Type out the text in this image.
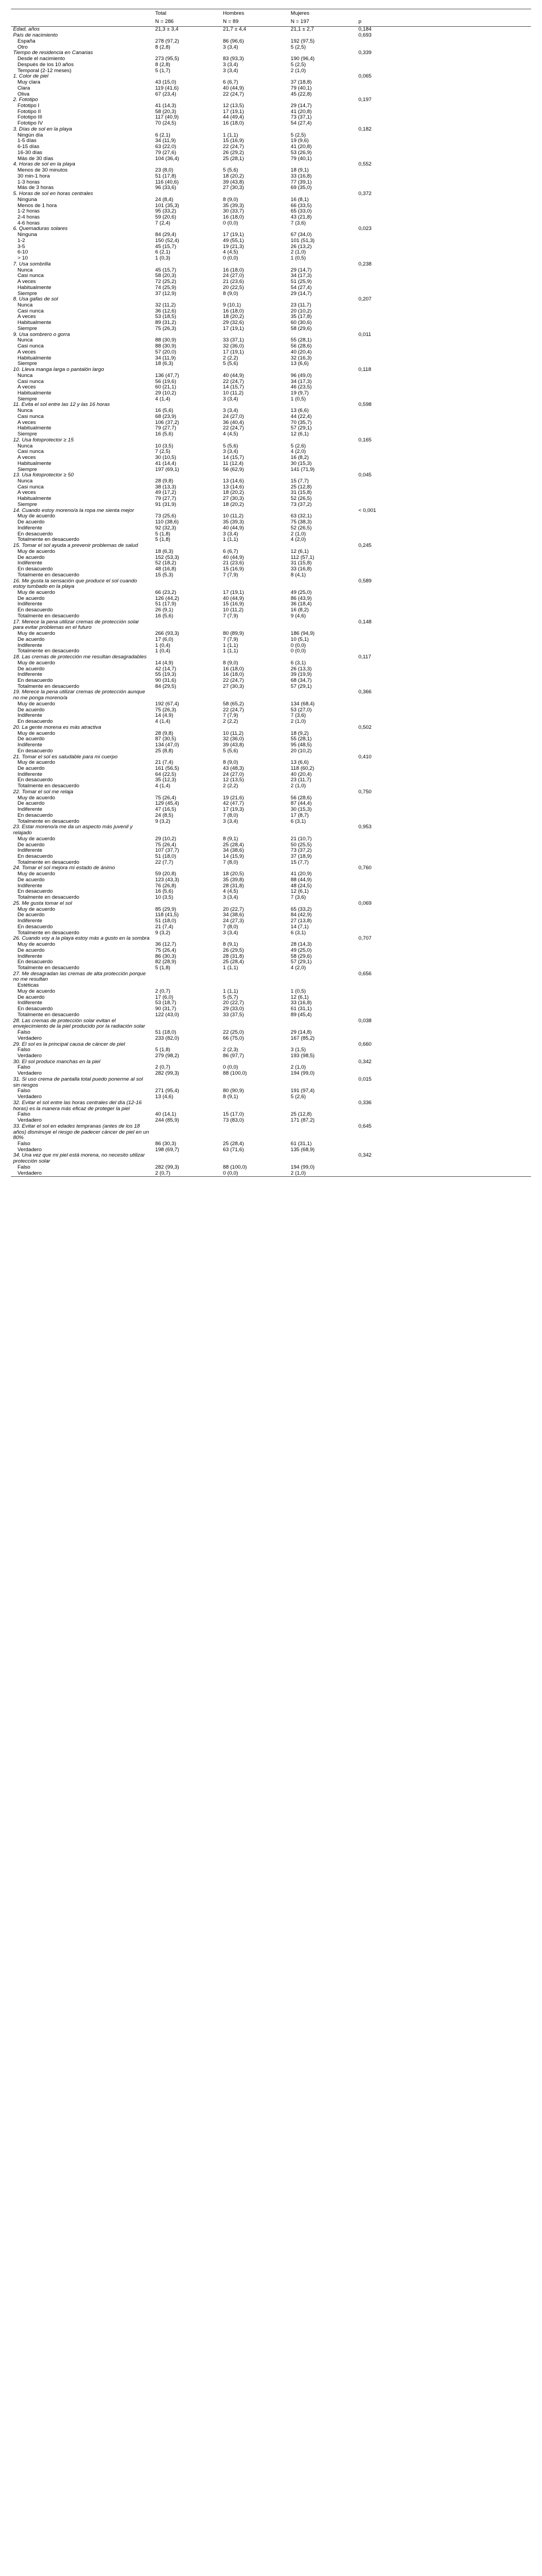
	Total	Hombres	Mujeres	
	N = 286	N = 89	N = 197	p
Edad, años	21,3 ± 3,4	21,7 ± 4,4	21,1 ± 2,7	0,184
País de nacimiento				0,693
España	278 (97,2)	86 (96,6)	192 (97,5)	
Otro	8 (2,8)	3 (3,4)	5 (2,5)	
Tiempo de residencia en Canarias				0,339
Desde el nacimiento	273 (95,5)	83 (93,3)	190 (96,4)	
Después de los 10 años	8 (2,8)	3 (3,4)	5 (2,5)	
Temporal (2-12 meses)	5 (1,7)	3 (3,4)	2 (1,0)	
1. Color de piel				0,065
Muy clara	43 (15,0)	6 (6,7)	37 (18,8)	
Clara	119 (41,6)	40 (44,9)	79 (40,1)	
Oliva	67 (23,4)	22 (24,7)	45 (22,8)	
2. Fototipo				0,197
Fototipo I	41 (14,3)	12 (13,5)	29 (14,7)	
Fototipo II	58 (20,3)	17 (19,1)	41 (20,8)	
Fototipo III	117 (40,9)	44 (49,4)	73 (37,1)	
Fototipo IV	70 (24,5)	16 (18,0)	54 (27,4)	
3. Días de sol en la playa				0,182
Ningún día	6 (2,1)	1 (1,1)	5 (2,5)	
1-5 días	34 (11,9)	15 (16,9)	19 (9,6)	
6-15 días	63 (22,0)	22 (24,7)	41 (20,8)	
16-30 días	79 (27,6)	26 (29,2)	53 (26,9)	
Más de 30 días	104 (36,4)	25 (28,1)	79 (40,1)	
4. Horas de sol en la playa				0,552
Menos de 30 minutos	23 (8,0)	5 (5,6)	18 (9,1)	
30 min-1 hora	51 (17,8)	18 (20,2)	33 (16,8)	
1-3 horas	116 (40,6)	39 (43,8)	77 (39,1)	
Más de 3 horas	96 (33,6)	27 (30,3)	69 (35,0)	
5. Horas de sol en horas centrales				0,372
Ninguna	24 (8,4)	8 (9,0)	16 (8,1)	
Menos de 1 hora	101 (35,3)	35 (39,3)	66 (33,5)	
1-2 horas	95 (33,2)	30 (33,7)	65 (33,0)	
2-4 horas	59 (20,6)	16 (18,0)	43 (21,8)	
4-6 horas	7 (2,4)	0 (0,0)	7 (3,6)	
6. Quemaduras solares				0,023
Ninguna	84 (29,4)	17 (19,1)	67 (34,0)	
1-2	150 (52,4)	49 (55,1)	101 (51,3)	
3-5	45 (15,7)	19 (21,3)	26 (13,2)	
6-10	6 (2,1)	4 (4,5)	2 (1,0)	
> 10	1 (0,3)	0 (0,0)	1 (0,5)	
7. Usa sombrilla				0,238
Nunca	45 (15,7)	16 (18,0)	29 (14,7)	
Casi nunca	58 (20,3)	24 (27,0)	34 (17,3)	
A veces	72 (25,2)	21 (23,6)	51 (25,9)	
Habitualmente	74 (25,9)	20 (22,5)	54 (27,4)	
Siempre	37 (12,9)	8 (9,0)	29 (14,7)	
8. Usa gafas de sol				0,207
Nunca	32 (11,2)	9 (10,1)	23 (11,7)	
Casi nunca	36 (12,6)	16 (18,0)	20 (10,2)	
A veces	53 (18,5)	18 (20,2)	35 (17,8)	
Habitualmente	89 (31,2)	29 (32,6)	60 (30,6)	
Siempre	75 (26,3)	17 (19,1)	58 (29,6)	
9. Usa sombrero o gorra				0,011
Nunca	88 (30,9)	33 (37,1)	55 (28,1)	
Casi nunca	88 (30,9)	32 (36,0)	56 (28,6)	
A veces	57 (20,0)	17 (19,1)	40 (20,4)	
Habitualmente	34 (11,9)	2 (2,2)	32 (16,3)	
Siempre	18 (6,3)	5 (5,6)	13 (6,6)	
10. Lleva manga larga o pantalón largo				0,118
Nunca	136 (47,7)	40 (44,9)	96 (49,0)	
Casi nunca	56 (19,6)	22 (24,7)	34 (17,3)	
A veces	60 (21,1)	14 (15,7)	46 (23,5)	
Habitualmente	29 (10,2)	10 (11,2)	19 (9,7)	
Siempre	4 (1,4)	3 (3,4)	1 (0,5)	
11. Evita el sol entre las 12 y las 16 horas				0,598
Nunca	16 (5,6)	3 (3,4)	13 (6,6)	
Casi nunca	68 (23,9)	24 (27,0)	44 (22,4)	
A veces	106 (37,2)	36 (40,4)	70 (35,7)	
Habitualmente	79 (27,7)	22 (24,7)	57 (29,1)	
Siempre	16 (5,6)	4 (4,5)	12 (6,1)	
12. Usa fotoprotector ≥ 15				0,165
Nunca	10 (3,5)	5 (5,6)	5 (2,6)	
Casi nunca	7 (2,5)	3 (3,4)	4 (2,0)	
A veces	30 (10,5)	14 (15,7)	16 (8,2)	
Habitualmente	41 (14,4)	11 (12,4)	30 (15,3)	
Siempre	197 (69,1)	56 (62,9)	141 (71,9)	
13. Usa fotoprotector ≥ 50				0,045
Nunca	28 (9,8)	13 (14,6)	15 (7,7)	
Casi nunca	38 (13,3)	13 (14,6)	25 (12,8)	
A veces	49 (17,2)	18 (20,2)	31 (15,8)	
Habitualmente	79 (27,7)	27 (30,3)	52 (26,5)	
Siempre	91 (31,9)	18 (20,2)	73 (37,2)	
14. Cuando estoy moreno/a la ropa me sienta mejor				< 0,001
Muy de acuerdo	73 (25,6)	10 (11,2)	63 (32,1)	
De acuerdo	110 (38,6)	35 (39,3)	75 (38,3)	
Indiferente	92 (32,3)	40 (44,9)	52 (26,5)	
En desacuerdo	5 (1,8)	3 (3,4)	2 (1,0)	
Totalmente en desacuerdo	5 (1,8)	1 (1,1)	4 (2,0)	
15. Tomar el sol ayuda a prevenir problemas de salud				0,245
Muy de acuerdo	18 (6,3)	6 (6,7)	12 (6,1)	
De acuerdo	152 (53,3)	40 (44,9)	112 (57,1)	
Indiferente	52 (18,2)	21 (23,6)	31 (15,8)	
En desacuerdo	48 (16,8)	15 (16,9)	33 (16,8)	
Totalmente en desacuerdo	15 (5,3)	7 (7,9)	8 (4,1)	
16. Me gusta la sensación que produce el sol cuando estoy tumbado en la playa				0,589
Muy de acuerdo	66 (23,2)	17 (19,1)	49 (25,0)	
De acuerdo	126 (44,2)	40 (44,9)	86 (43,9)	
Indiferente	51 (17,9)	15 (16,9)	36 (18,4)	
En desacuerdo	26 (9,1)	10 (11,2)	16 (8,2)	
Totalmente en desacuerdo	16 (5,6)	7 (7,9)	9 (4,6)	
17. Merece la pena utilizar cremas de protección solar para evitar problemas en el futuro				0,148
Muy de acuerdo	266 (93,3)	80 (89,9)	186 (94,9)	
De acuerdo	17 (6,0)	7 (7,9)	10 (5,1)	
Indiferente	1 (0,4)	1 (1,1)	0 (0,0)	
Totalmente en desacuerdo	1 (0,4)	1 (1,1)	0 (0,0)	
18. Las cremas de protección me resultan desagradables				0,117
Muy de acuerdo	14 (4,9)	8 (9,0)	6 (3,1)	
De acuerdo	42 (14,7)	16 (18,0)	26 (13,3)	
Indiferente	55 (19,3)	16 (18,0)	39 (19,9)	
En desacuerdo	90 (31,6)	22 (24,7)	68 (34,7)	
Totalmente en desacuerdo	84 (29,5)	27 (30,3)	57 (29,1)	
19. Merece la pena utilizar cremas de protección aunque no me ponga moreno/a				0,366
Muy de acuerdo	192 (67,4)	58 (65,2)	134 (68,4)	
De acuerdo	75 (26,3)	22 (24,7)	53 (27,0)	
Indiferente	14 (4,9)	7 (7,9)	7 (3,6)	
En desacuerdo	4 (1,4)	2 (2,2)	2 (1,0)	
20. La gente morena es más atractiva				0,502
Muy de acuerdo	28 (9,8)	10 (11,2)	18 (9,2)	
De acuerdo	87 (30,5)	32 (36,0)	55 (28,1)	
Indiferente	134 (47,0)	39 (43,8)	95 (48,5)	
En desacuerdo	25 (8,8)	5 (5,6)	20 (10,2)	
21. Tomar el sol es saludable para mi cuerpo				0,410
Muy de acuerdo	21 (7,4)	8 (9,0)	13 (6,6)	
De acuerdo	161 (56,5)	43 (48,3)	118 (60,2)	
Indiferente	64 (22,5)	24 (27,0)	40 (20,4)	
En desacuerdo	35 (12,3)	12 (13,5)	23 (11,7)	
Totalmente en desacuerdo	4 (1,4)	2 (2,2)	2 (1,0)	
22. Tomar el sol me relaja				0,750
Muy de acuerdo	75 (26,4)	19 (21,6)	56 (28,6)	
De acuerdo	129 (45,4)	42 (47,7)	87 (44,4)	
Indiferente	47 (16,5)	17 (19,3)	30 (15,3)	
En desacuerdo	24 (8,5)	7 (8,0)	17 (8,7)	
Totalmente en desacuerdo	9 (3,2)	3 (3,4)	6 (3,1)	
23. Estar moreno/a me da un aspecto más juvenil y relajado				0,953
Muy de acuerdo	29 (10,2)	8 (9,1)	21 (10,7)	
De acuerdo	75 (26,4)	25 (28,4)	50 (25,5)	
Indiferente	107 (37,7)	34 (38,6)	73 (37,2)	
En desacuerdo	51 (18,0)	14 (15,9)	37 (18,9)	
Totalmente en desacuerdo	22 (7,7)	7 (8,0)	15 (7,7)	
24. Tomar el sol mejora mi estado de ánimo				0,760
Muy de acuerdo	59 (20,8)	18 (20,5)	41 (20,9)	
De acuerdo	123 (43,3)	35 (39,8)	88 (44,9)	
Indiferente	76 (26,8)	28 (31,8)	48 (24,5)	
En desacuerdo	16 (5,6)	4 (4,5)	12 (6,1)	
Totalmente en desacuerdo	10 (3,5)	3 (3,4)	7 (3,6)	
25. Me gusta tomar el sol				0,069
Muy de acuerdo	85 (29,9)	20 (22,7)	65 (33,2)	
De acuerdo	118 (41,5)	34 (38,6)	84 (42,9)	
Indiferente	51 (18,0)	24 (27,3)	27 (13,8)	
En desacuerdo	21 (7,4)	7 (8,0)	14 (7,1)	
Totalmente en desacuerdo	9 (3,2)	3 (3,4)	6 (3,1)	
26. Cuando voy a la playa estoy más a gusto en la sombra				0,707
Muy de acuerdo	36 (12,7)	8 (9,1)	28 (14,3)	
De acuerdo	75 (26,4)	26 (29,5)	49 (25,0)	
Indiferente	86 (30,3)	28 (31,8)	58 (29,6)	
En desacuerdo	82 (28,9)	25 (28,4)	57 (29,1)	
Totalmente en desacuerdo	5 (1,8)	1 (1,1)	4 (2,0)	
27. Me desagradan las cremas de alta protección porque no me resultan				0,656
Estéticas				
Muy de acuerdo	2 (0,7)	1 (1,1)	1 (0,5)	
De acuerdo	17 (6,0)	5 (5,7)	12 (6,1)	
Indiferente	53 (18,7)	20 (22,7)	33 (16,8)	
En desacuerdo	90 (31,7)	29 (33,0)	61 (31,1)	
Totalmente en desacuerdo	122 (43,0)	33 (37,5)	89 (45,4)	
28. Las cremas de protección solar evitan el envejecimiento de la piel producido por la radiación solar				0,038
Falso	51 (18,0)	22 (25,0)	29 (14,8)	
Verdadero	233 (82,0)	66 (75,0)	167 (85,2)	
29. El sol es la principal causa de cáncer de piel				0,660
Falso	5 (1,8)	2 (2,3)	3 (1,5)	
Verdadero	279 (98,2)	86 (97,7)	193 (98,5)	
30. El sol produce manchas en la piel				0,342
Falso	2 (0,7)	0 (0,0)	2 (1,0)	
Verdadero	282 (99,3)	88 (100,0)	194 (99,0)	
31. Si uso crema de pantalla total puedo ponerme al sol sin riesgos				0,015
Falso	271 (95,4)	80 (90,9)	191 (97,4)	
Verdadero	13 (4,6)	8 (9,1)	5 (2,6)	
32. Evitar el sol entre las horas centrales del día (12-16 horas) es la manera más eficaz de proteger la piel				0,336
Falso	40 (14,1)	15 (17,0)	25 (12,8)	
Verdadero	244 (85,9)	73 (83,0)	171 (87,2)	
33. Evitar el sol en edades tempranas (antes de los 18 años) disminuye el riesgo de padecer cáncer de piel en un 80%				0,645
Falso	86 (30,3)	25 (28,4)	61 (31,1)	
Verdadero	198 (69,7)	63 (71,6)	135 (68,9)	
34. Una vez que mi piel está morena, no necesito utilizar protección solar				0,342
Falso	282 (99,3)	88 (100,0)	194 (99,0)	
Verdadero	2 (0,7)	0 (0,0)	2 (1,0)	
